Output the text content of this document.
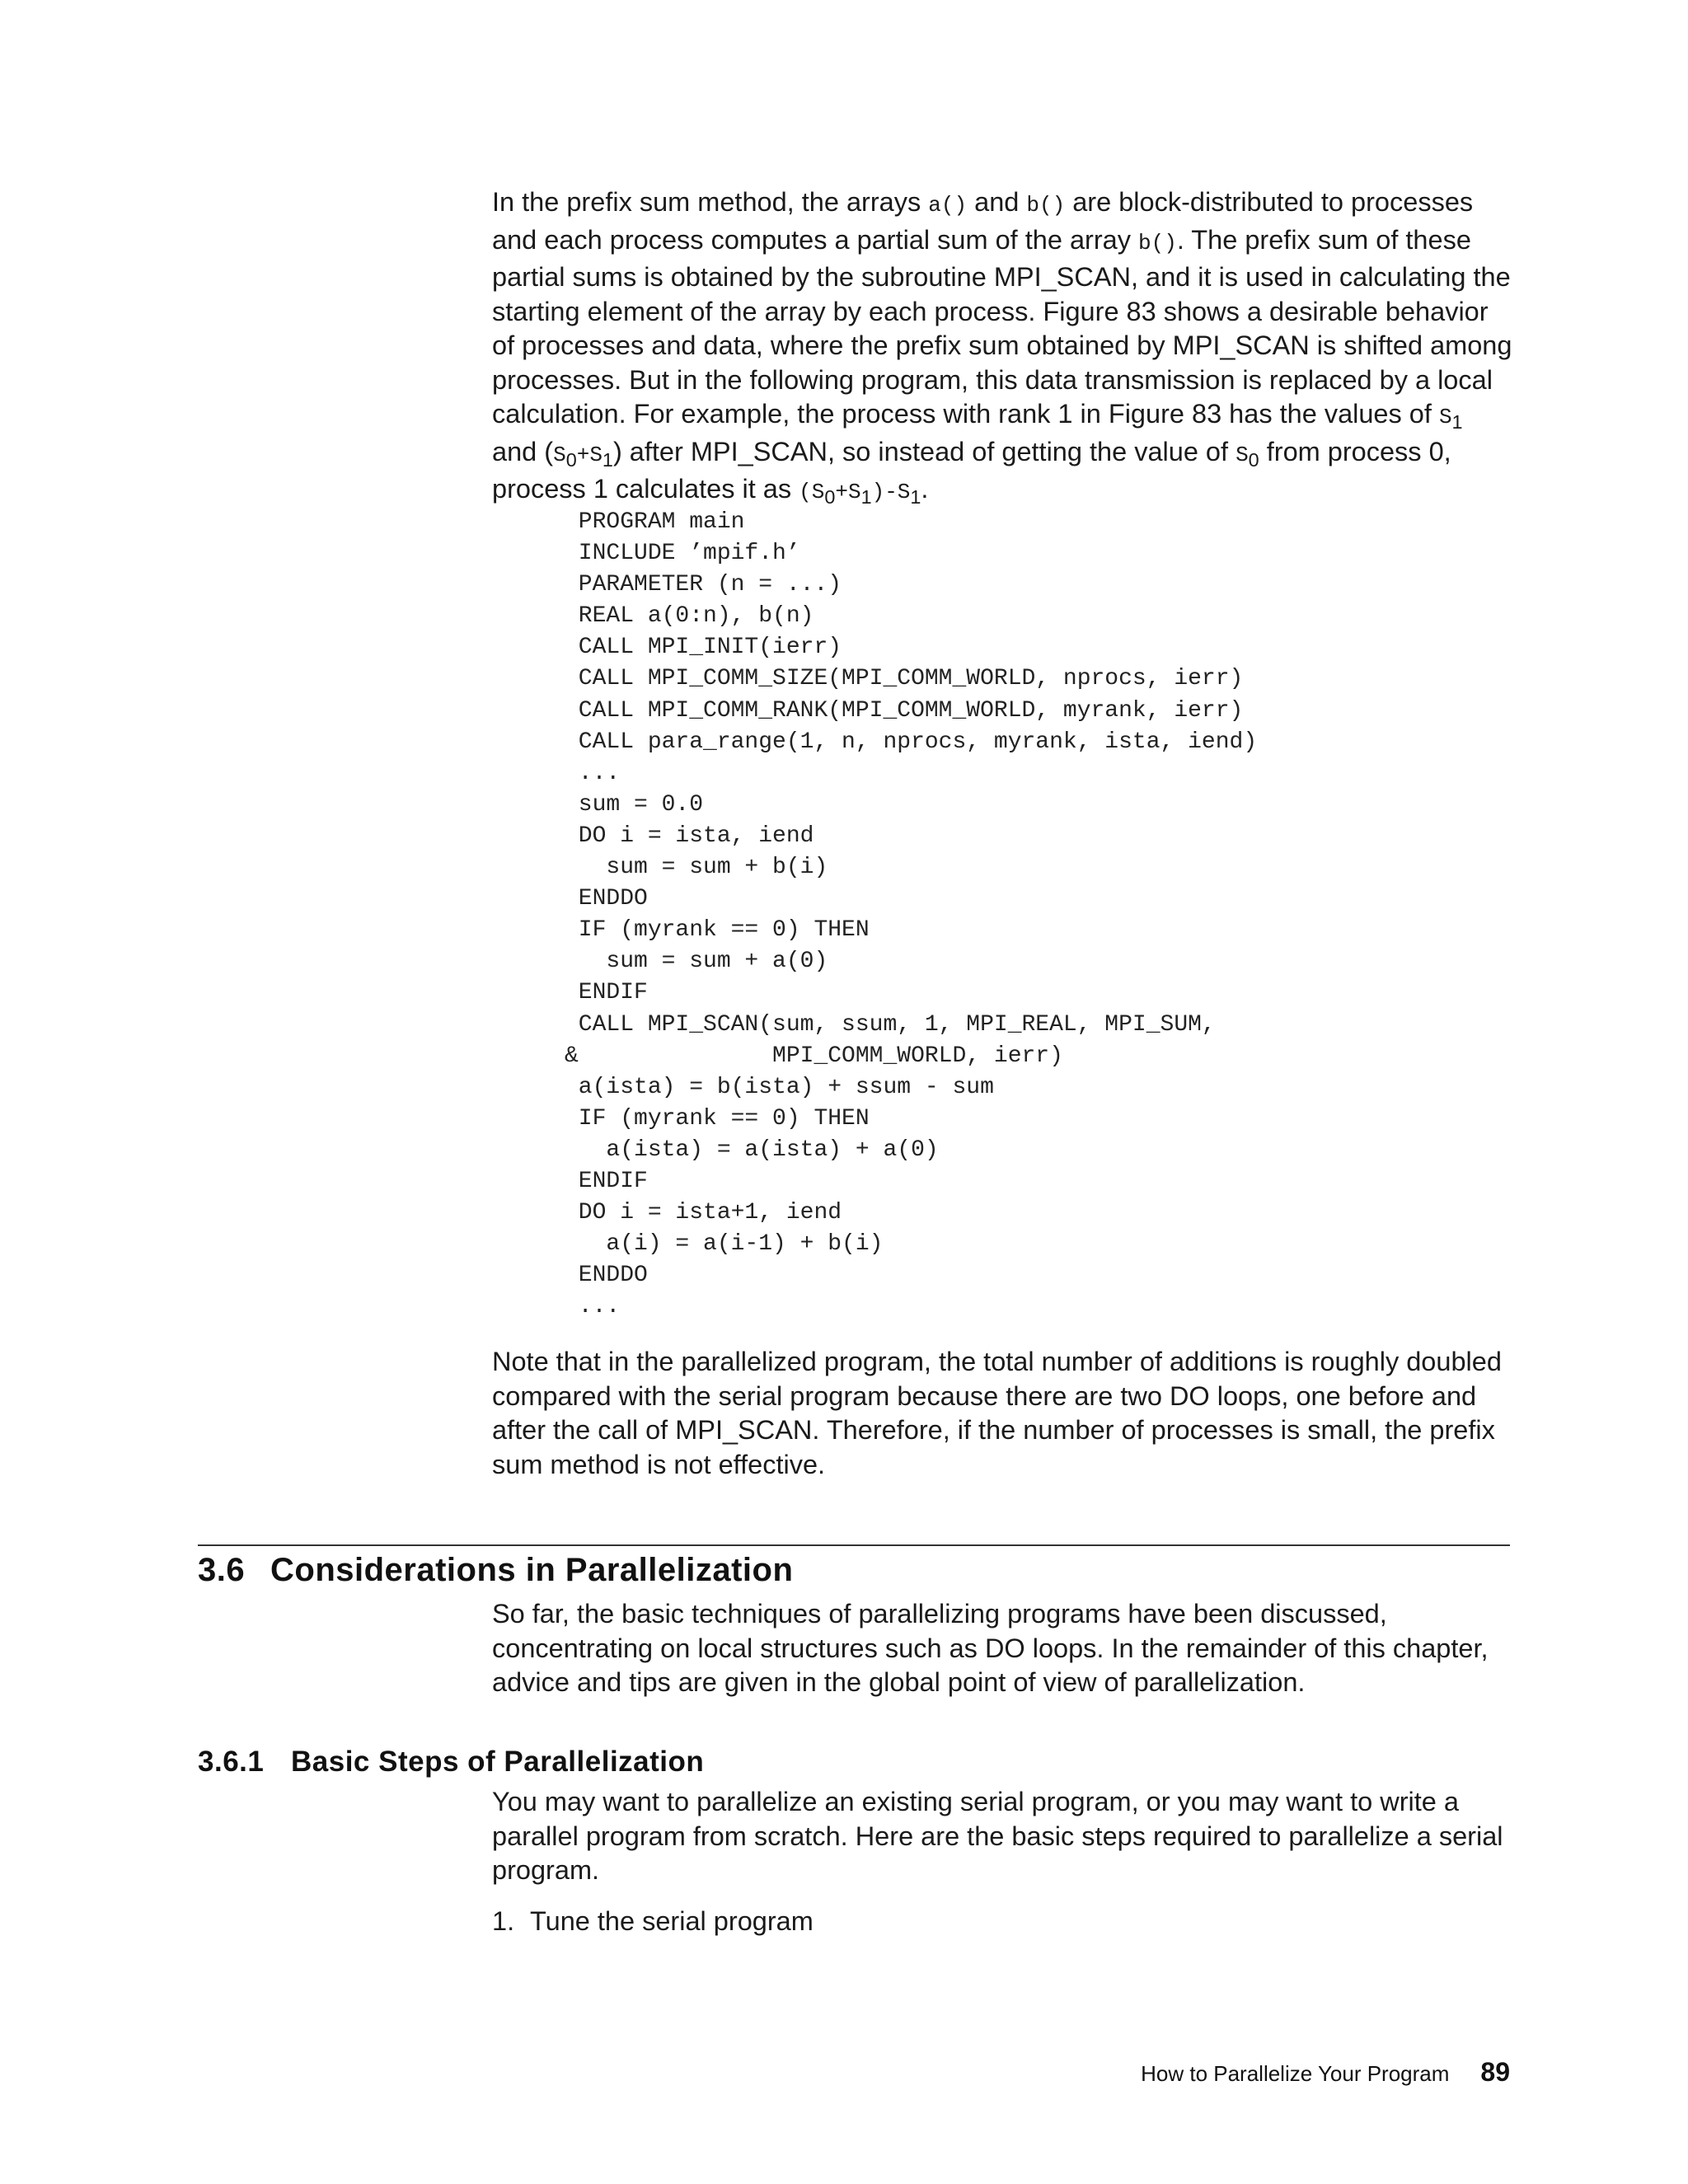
In the prefix sum method, the arrays a() and b() are block-distributed to processes and each process computes a partial sum of the array b(). The prefix sum of these partial sums is obtained by the subroutine MPI_SCAN, and it is used in calculating the starting element of the array by each process. Figure 83 shows a desirable behavior of processes and data, where the prefix sum obtained by MPI_SCAN is shifted among processes. But in the following program, this data transmission is replaced by a local calculation. For example, the process with rank 1 in Figure 83 has the values of $S_1$ and $(S_0+S_1)$ after MPI_SCAN, so instead of getting the value of $S_0$ from process 0, process 1 calculates it as $(S_0+S_1)-S_1$.

PROGRAM main
INCLUDE ’mpif.h’
PARAMETER (n = ...)
REAL a(0:n), b(n)
CALL MPI_INIT(ierr)
CALL MPI_COMM_SIZE(MPI_COMM_WORLD, nprocs, ierr)
CALL MPI_COMM_RANK(MPI_COMM_WORLD, myrank, ierr)
CALL para_range(1, n, nprocs, myrank, ista, iend)
...
sum = 0.0
DO i = ista, iend
sum = sum + b(i)
ENDDO
IF (myrank == 0) THEN
sum = sum + a(0)
ENDIF
CALL MPI_SCAN(sum, ssum, 1, MPI_REAL, MPI_SUM,
&              MPI_COMM_WORLD, ierr)
a(ista) = b(ista) + ssum - sum
IF (myrank == 0) THEN
a(ista) = a(ista) + a(0)
ENDIF
DO i = ista+1, iend
a(i) = a(i-1) + b(i)
ENDDO
...

Note that in the parallelized program, the total number of additions is roughly doubled compared with the serial program because there are two DO loops, one before and after the call of MPI_SCAN. Therefore, if the number of processes is small, the prefix sum method is not effective.

3.6 Considerations in Parallelization

So far, the basic techniques of parallelizing programs have been discussed, concentrating on local structures such as DO loops. In the remainder of this chapter, advice and tips are given in the global point of view of parallelization.

3.6.1 Basic Steps of Parallelization

You may want to parallelize an existing serial program, or you may want to write a parallel program from scratch. Here are the basic steps required to parallelize a serial program.

1. Tune the serial program

How to Parallelize Your Program 89
